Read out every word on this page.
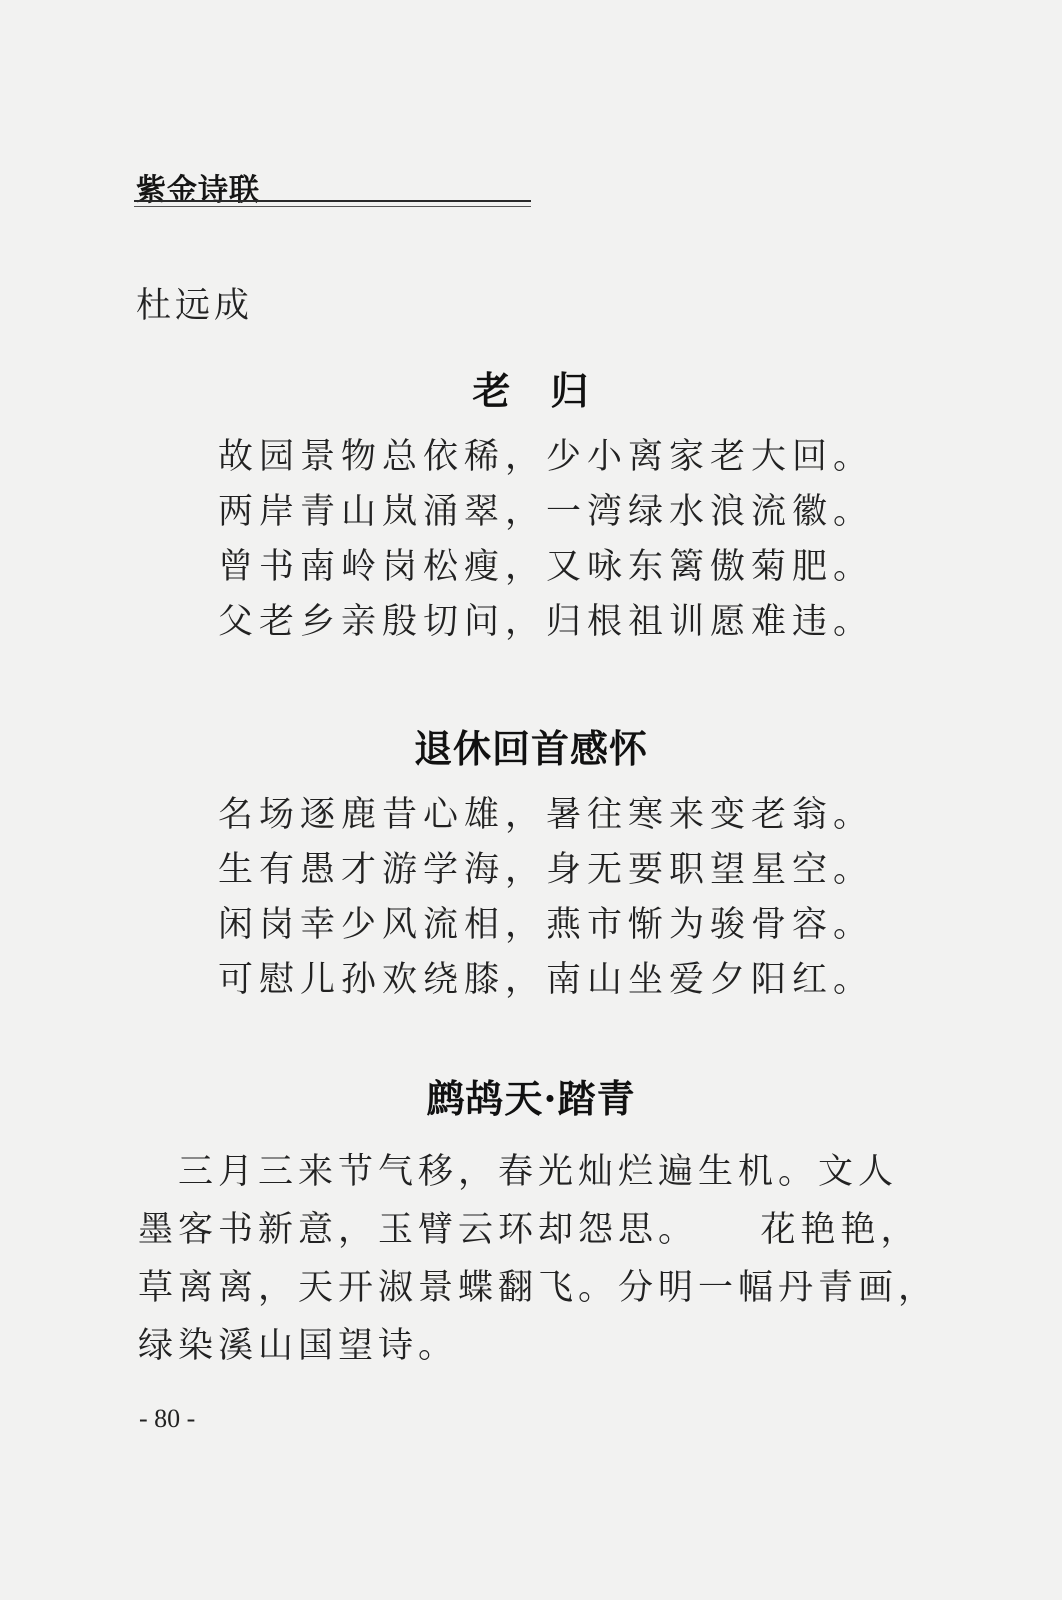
紫金诗联
杜远成
老　归
故园景物总依稀，少小离家老大回。
两岸青山岚涌翠，一湾绿水浪流徽。
曾书南岭岗松瘦，又咏东篱傲菊肥。
父老乡亲殷切问，归根祖训愿难违。
退休回首感怀
名场逐鹿昔心雄，暑往寒来变老翁。
生有愚才游学海，身无要职望星空。
闲岗幸少风流相，燕市惭为骏骨容。
可慰儿孙欢绕膝，南山坐爱夕阳红。
鹧鸪天·踏青
　三月三来节气移，春光灿烂遍生机。文人
墨客书新意，玉臂云环却怨思。　　花艳艳，
草离离，天开淑景蝶翻飞。分明一幅丹青画，
绿染溪山国望诗。
- 80 -
